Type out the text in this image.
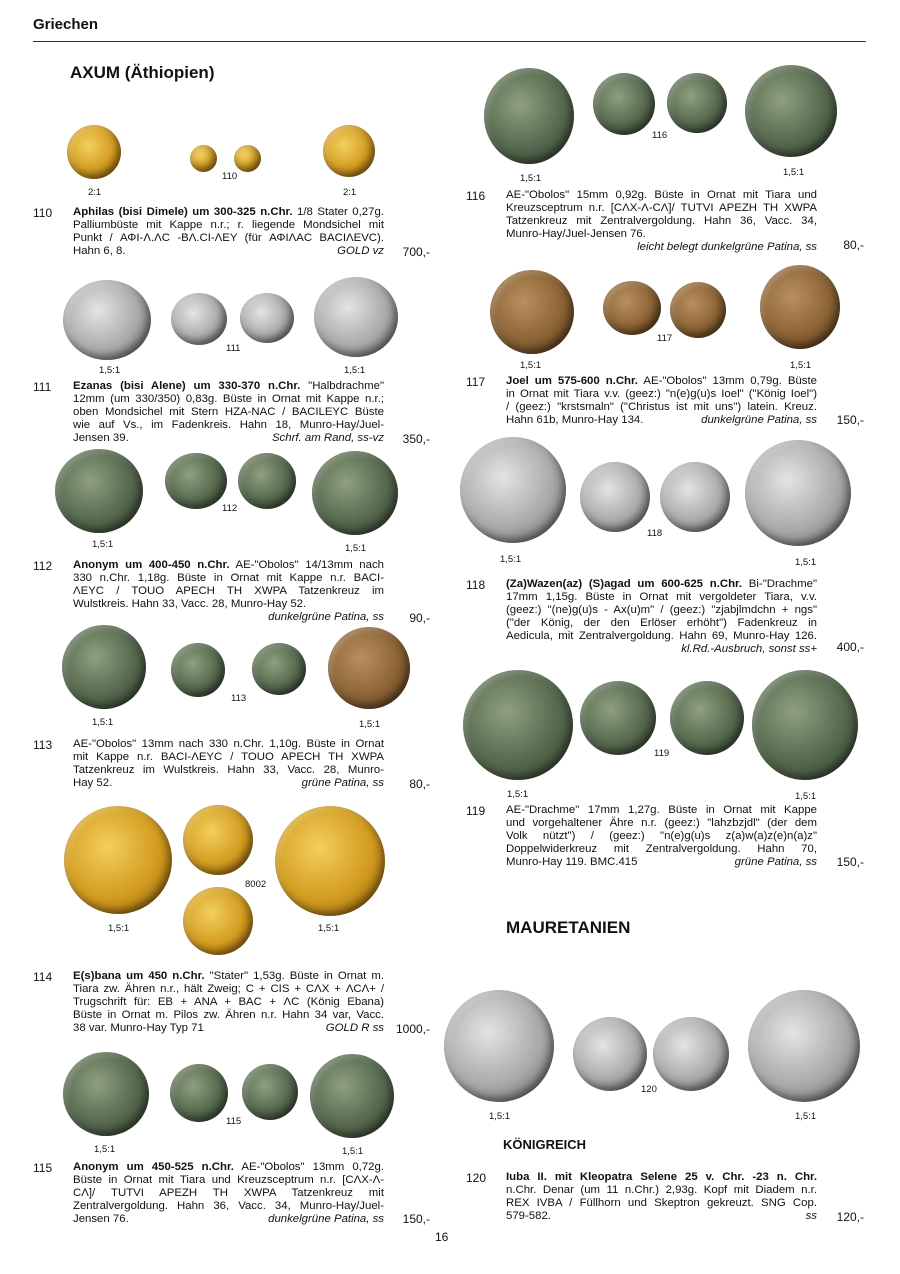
Griechen
AXUM (Äthiopien)
2:1
110
2:1
110 Aphilas (bisi Dimele) um 300-325 n.Chr. 1/8 Stater 0,27g.
Palliumbüste mit Kappe n.r.; r. liegende Mondsichel mit
Punkt / ΑΦΙ-Λ.ΛC -ΒΛ.CΙ-ΛΕΥ (für ΑΦΙΛΑC ΒΑCΙΛΕVC).
Hahn 6, 8.	GOLD vz	700,-
1,5:1
111
1,5:1
111 Ezanas (bisi Alene) um 330-370 n.Chr. "Halbdrachme"
12mm (um 330/350) 0,83g. Büste in Ornat mit Kappe n.r.;
oben Mondsichel mit Stern HZA-NAC / BACILEYC Büste
wie auf Vs., im Fadenkreis. Hahn 18, Munro-Hay/Juel-
Jensen 39.	Schrf. am Rand, ss-vz	350,-
1,5:1
112
1,5:1
112 Anonym um 400-450 n.Chr. AE-"Obolos" 14/13mm nach
330 n.Chr. 1,18g. Büste in Ornat mit Kappe n.r. BACI-
ΛΕΥC / TOUO APECH TH XWPA Tatzenkreuz im
Wulstkreis. Hahn 33, Vacc. 28, Munro-Hay 52.
dunkelgrüne Patina, ss	90,-
1,5:1
113
1,5:1
113 AE-"Obolos" 13mm nach 330 n.Chr. 1,10g. Büste in Ornat
mit Kappe n.r. BACI-ΛΕΥC / TOUO APECH TH XWPA
Tatzenkreuz im Wulstkreis. Hahn 33, Vacc. 28, Munro-
Hay 52.	grüne Patina, ss	80,-
1,5:1
8002
1,5:1
114 E(s)bana um 450 n.Chr. "Stater" 1,53g. Büste in Ornat m.
Tiara zw. Ähren n.r., hält Zweig; C + CIS + CΛX + ΛCΛ+ /
Trugschrift für: EB + ANA + BAC + ΛC (König Ebana)
Büste in Ornat m. Pilos zw. Ähren n.r. Hahn 34 var, Vacc.
38 var. Munro-Hay Typ 71	GOLD R ss 1000,-
1,5:1
115
1,5:1
115 Anonym um 450-525 n.Chr. AE-"Obolos" 13mm 0,72g.
Büste in Ornat mit Tiara und Kreuzsceptrum n.r. [CΛX-Λ-
CΛ]/ TUTVI APEZH TH XWPA Tatzenkreuz mit
Zentralvergoldung. Hahn 36, Vacc. 34, Munro-Hay/Juel-
Jensen 76.	dunkelgrüne Patina, ss	150,-
1,5:1
116
1,5:1
116 AE-"Obolos" 15mm 0,92g. Büste in Ornat mit Tiara und
Kreuzsceptrum n.r. [CΛX-Λ-CΛ]/ TUTVI APEZH TH XWPA
Tatzenkreuz mit Zentralvergoldung. Hahn 36, Vacc. 34,
Munro-Hay/Juel-Jensen 76.
leicht belegt dunkelgrüne Patina, ss	80,-
1,5:1
117
1,5:1
117 Joel um 575-600 n.Chr. AE-"Obolos" 13mm 0,79g. Büste
in Ornat mit Tiara v.v. (geez:) "n(e)g(u)s Ioel" ("König Ioel")
/ (geez:) "krstsmaln" ("Christus ist mit uns") latein. Kreuz.
Hahn 61b, Munro-Hay 134.	dunkelgrüne Patina, ss	150,-
1,5:1
118
1,5:1
118 (Za)Wazen(az) (S)agad um 600-625 n.Chr. Bi-"Drachme"
17mm 1,15g. Büste in Ornat mit vergoldeter Tiara, v.v.
(geez:) "(ne)g(u)s - Ax(u)m" / (geez:) "zjabjlmdchn + ngs"
("der König, der den Erlöser erhöht") Fadenkreuz in
Aedicula, mit Zentralvergoldung. Hahn 69, Munro-Hay 126.
kl.Rd.-Ausbruch, sonst ss+	400,-
1,5:1
119
1,5:1
119 AE-"Drachme" 17mm 1,27g. Büste in Ornat mit Kappe
und vorgehaltener Ähre n.r. (geez:) "lahzbzjdl" (der dem
Volk nützt") / (geez:) "n(e)g(u)s z(a)w(a)z(e)n(a)z"
Doppelwiderkreuz mit Zentralvergoldung. Hahn 70,
Munro-Hay 119. BMC.415	grüne Patina, ss	150,-
MAURETANIEN
1,5:1
120
1,5:1
KÖNIGREICH
120 Iuba II. mit Kleopatra Selene 25 v. Chr. -23 n. Chr.
n.Chr. Denar (um 11 n.Chr.) 2,93g. Kopf mit Diadem n.r.
REX IVBA / Füllhorn und Skeptron gekreuzt. SNG Cop.
579-582.	ss	120,-
16
